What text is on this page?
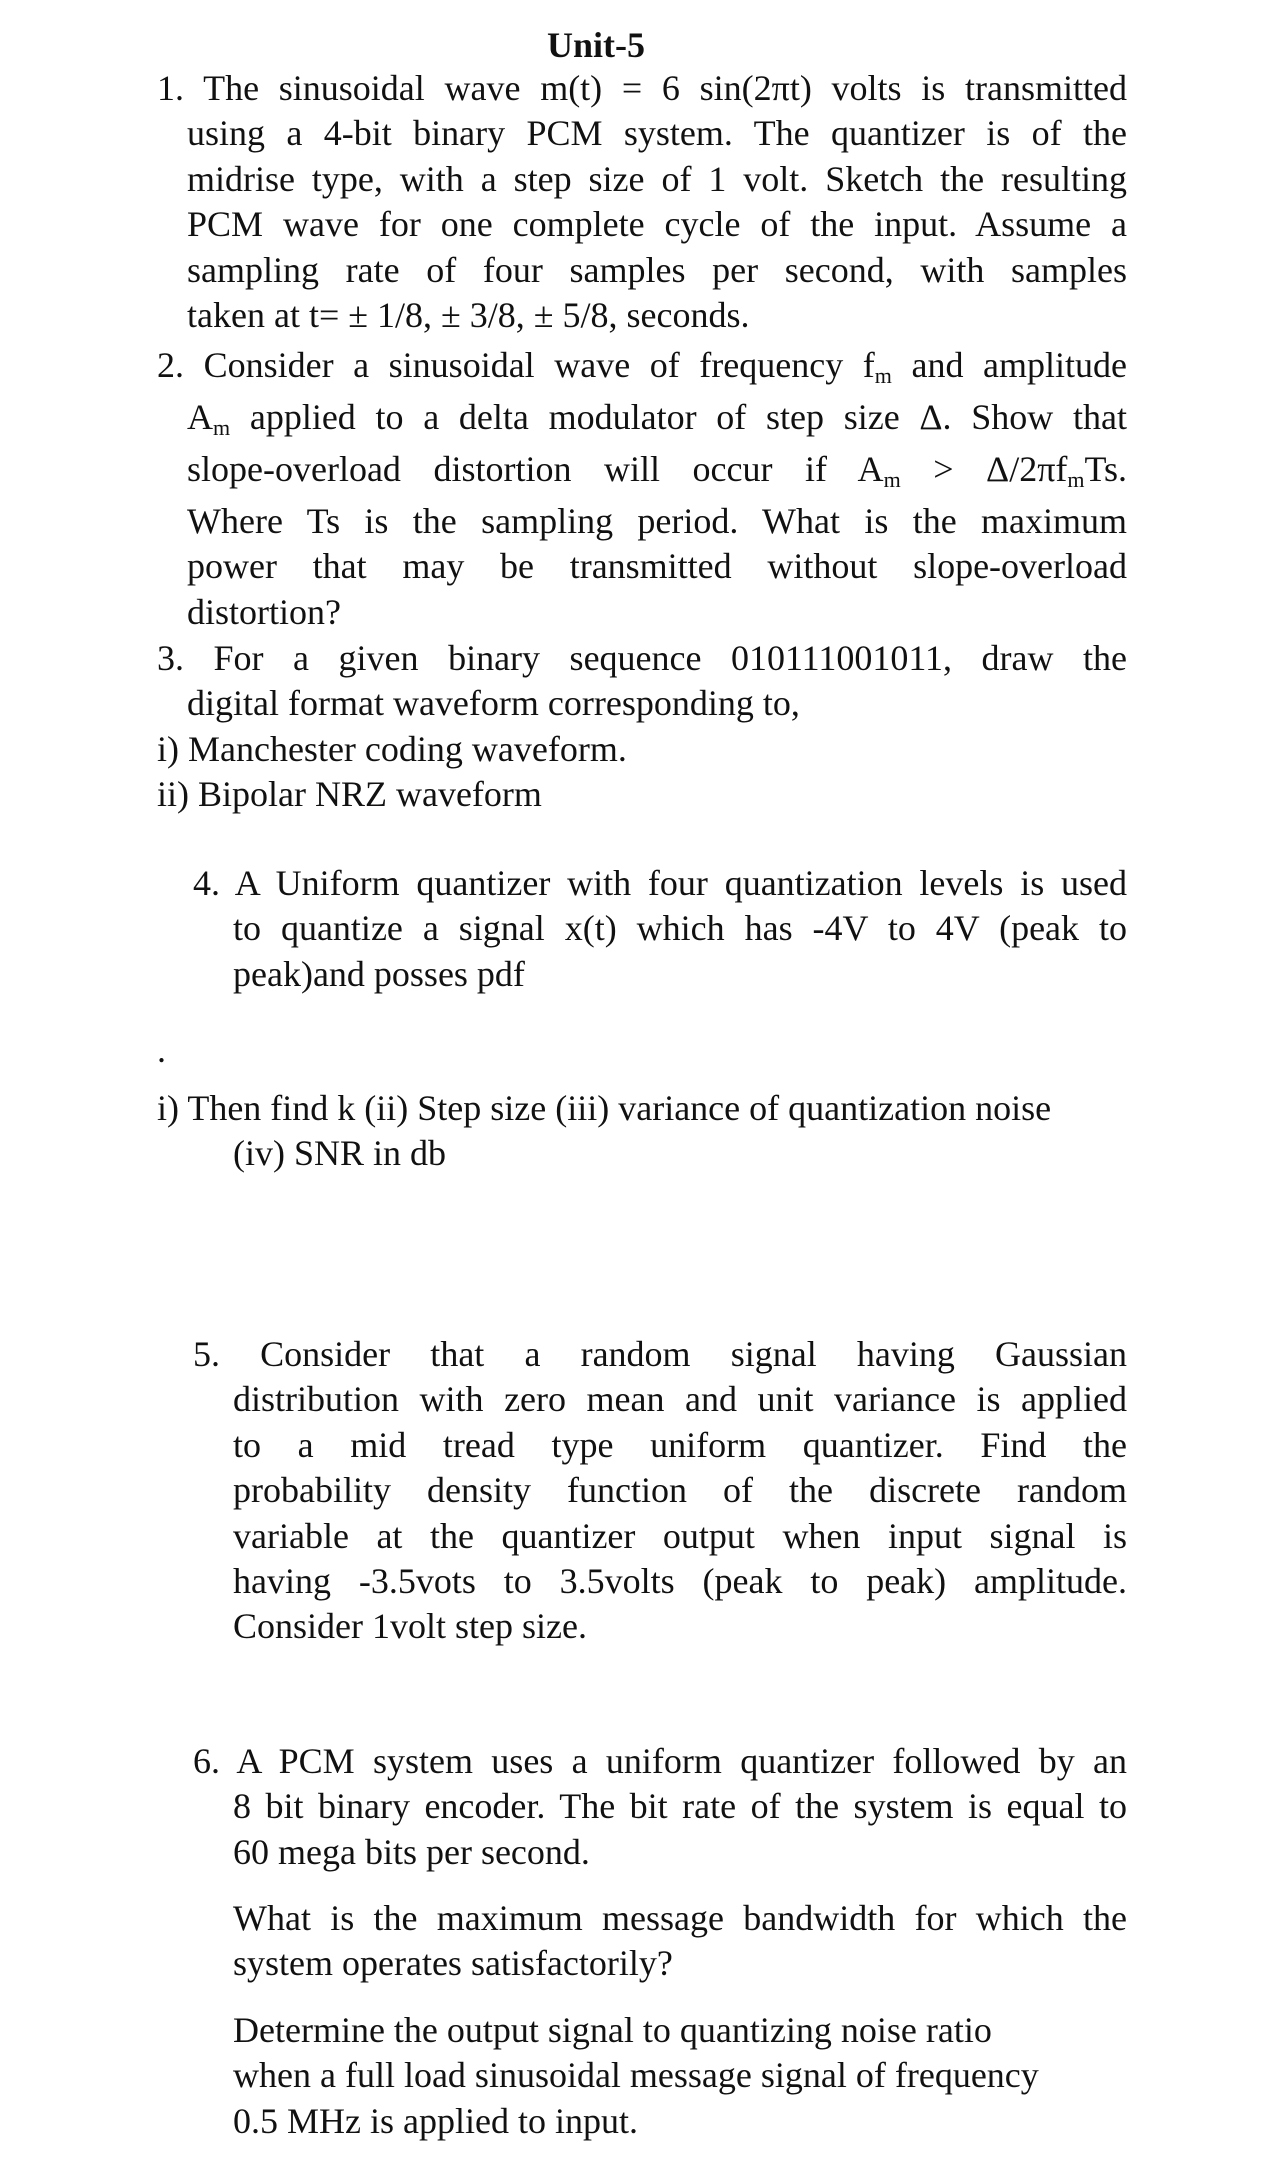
Unit-5
1. The sinusoidal wave m(t) = 6 sin(2πt) volts is transmitted
using a 4-bit binary PCM system. The quantizer is of the
midrise type, with a step size of 1 volt. Sketch the resulting
PCM wave for one complete cycle of the input. Assume a
sampling rate of four samples per second, with samples
taken at t= ± 1/8, ± 3/8, ± 5/8, seconds.
2. Consider a sinusoidal wave of frequency $f_m$ and amplitude
$A_m$ applied to a delta modulator of step size Δ. Show that
slope-overload distortion will occur if $A_m > \Delta/2\pi f_mTs$.
Where Ts is the sampling period. What is the maximum
power that may be transmitted without slope-overload
distortion?
3. For a given binary sequence 010111001011, draw the
digital format waveform corresponding to,
i) Manchester coding waveform.
ii) Bipolar NRZ waveform
4. A Uniform quantizer with four quantization levels is used
to quantize a signal x(t) which has -4V to 4V (peak to
peak)and posses pdf
.
i) Then find k (ii) Step size (iii) variance of quantization noise
(iv) SNR in db
5. Consider that a random signal having Gaussian
distribution with zero mean and unit variance is applied
to a mid tread type uniform quantizer. Find the
probability density function of the discrete random
variable at the quantizer output when input signal is
having -3.5vots to 3.5volts (peak to peak) amplitude.
Consider 1volt step size.
6. A PCM system uses a uniform quantizer followed by an
8 bit binary encoder. The bit rate of the system is equal to
60 mega bits per second.
What is the maximum message bandwidth for which the
system operates satisfactorily?
Determine the output signal to quantizing noise ratio
when a full load sinusoidal message signal of frequency
0.5 MHz is applied to input.
